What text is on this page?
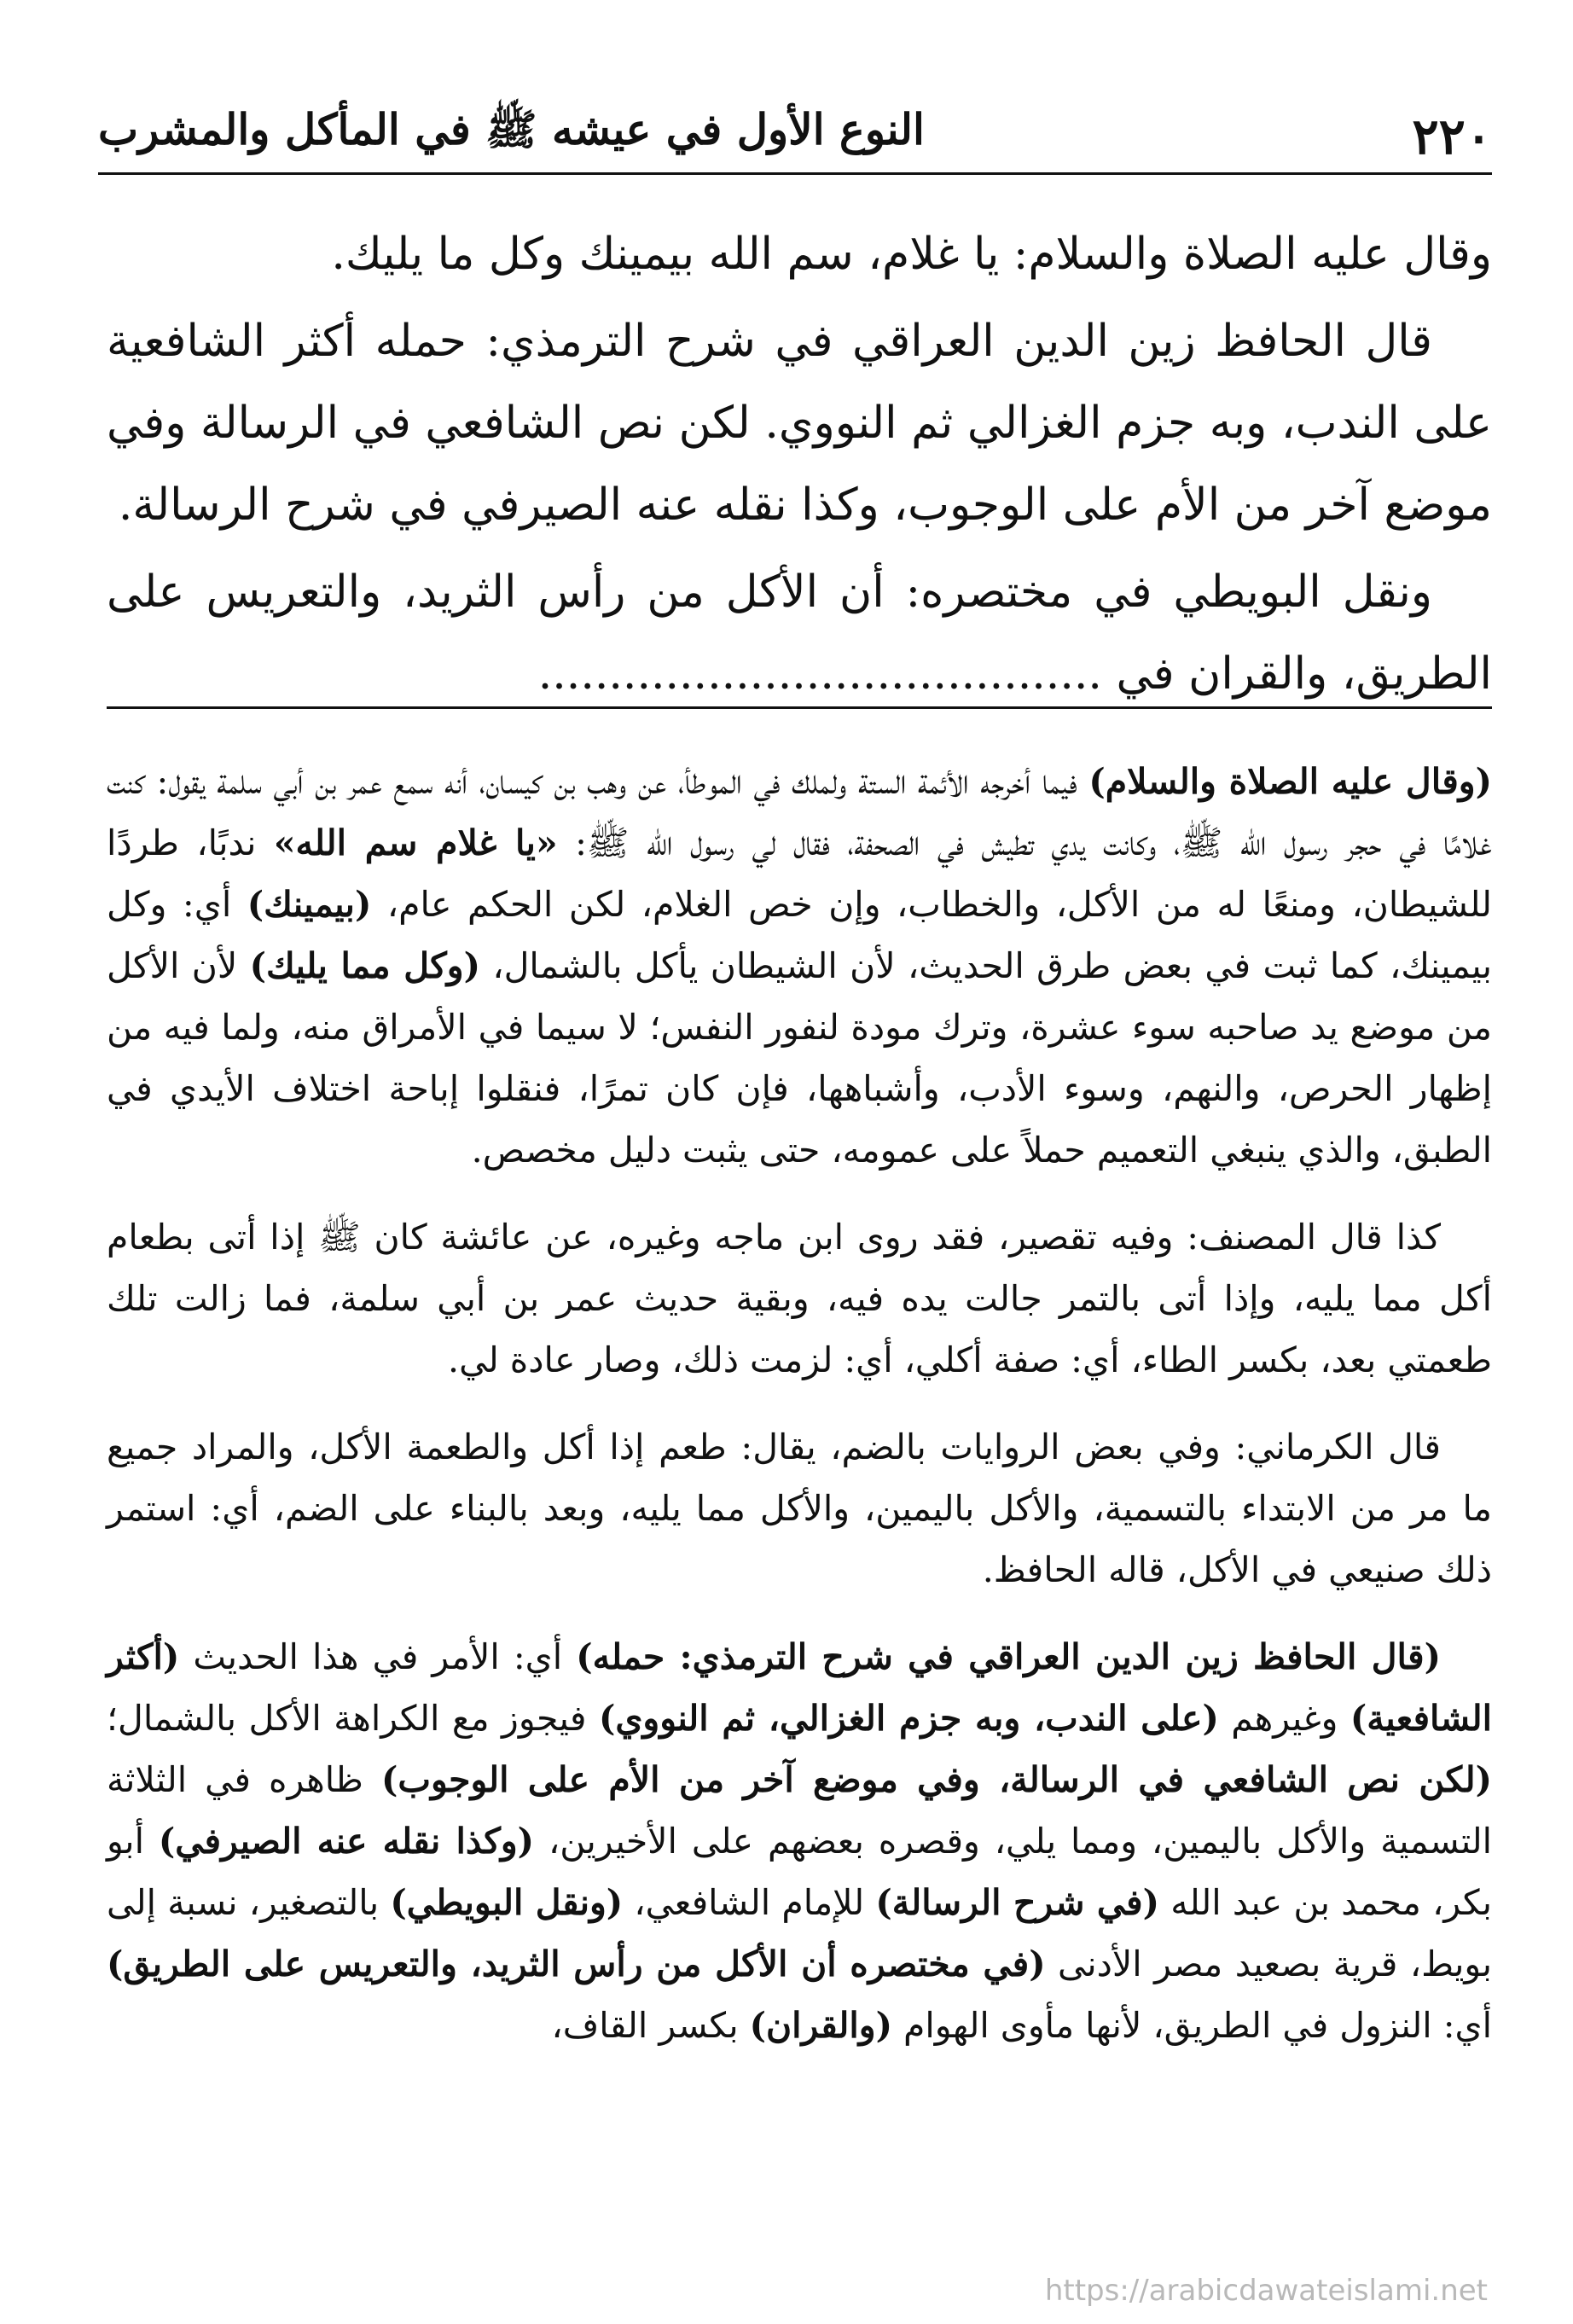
٢٢٠
النوع الأول في عيشه ﷺ في المأكل والمشرب

وقال عليه الصلاة والسلام: يا غلام، سم الله بيمينك وكل ما يليك.

قال الحافظ زين الدين العراقي في شرح الترمذي: حمله أكثر الشافعية على الندب، وبه جزم الغزالي ثم النووي. لكن نص الشافعي في الرسالة وفي موضع آخر من الأم على الوجوب، وكذا نقله عنه الصيرفي في شرح الرسالة.

ونقل البويطي في مختصره: أن الأكل من رأس الثريد، والتعريس على الطريق، والقران في ........................................

(وقال عليه الصلاة والسلام) فيما أخرجه الأئمة الستة ولملك في الموطأ، عن وهب بن كيسان، أنه سمع عمر بن أبي سلمة يقول: كنت غلامًا في حجر رسول الله ﷺ، وكانت يدي تطيش في الصحفة، فقال لي رسول الله ﷺ: «يا غلام سم الله» ندبًا، طردًا للشيطان، ومنعًا له من الأكل، والخطاب، وإن خص الغلام، لكن الحكم عام، (بيمينك) أي: وكل بيمينك، كما ثبت في بعض طرق الحديث، لأن الشيطان يأكل بالشمال، (وكل مما يليك) لأن الأكل من موضع يد صاحبه سوء عشرة، وترك مودة لنفور النفس؛ لا سيما في الأمراق منه، ولما فيه من إظهار الحرص، والنهم، وسوء الأدب، وأشباهها، فإن كان تمرًا، فنقلوا إباحة اختلاف الأيدي في الطبق، والذي ينبغي التعميم حملاً على عمومه، حتى يثبت دليل مخصص.

كذا قال المصنف: وفيه تقصير، فقد روى ابن ماجه وغيره، عن عائشة كان ﷺ إذا أتى بطعام أكل مما يليه، وإذا أتى بالتمر جالت يده فيه، وبقية حديث عمر بن أبي سلمة، فما زالت تلك طعمتي بعد، بكسر الطاء، أي: صفة أكلي، أي: لزمت ذلك، وصار عادة لي.

قال الكرماني: وفي بعض الروايات بالضم، يقال: طعم إذا أكل والطعمة الأكل، والمراد جميع ما مر من الابتداء بالتسمية، والأكل باليمين، والأكل مما يليه، وبعد بالبناء على الضم، أي: استمر ذلك صنيعي في الأكل، قاله الحافظ.

(قال الحافظ زين الدين العراقي في شرح الترمذي: حمله) أي: الأمر في هذا الحديث (أكثر الشافعية) وغيرهم (على الندب، وبه جزم الغزالي، ثم النووي) فيجوز مع الكراهة الأكل بالشمال؛ (لكن نص الشافعي في الرسالة، وفي موضع آخر من الأم على الوجوب) ظاهره في الثلاثة التسمية والأكل باليمين، ومما يلي، وقصره بعضهم على الأخيرين، (وكذا نقله عنه الصيرفي) أبو بكر، محمد بن عبد الله (في شرح الرسالة) للإمام الشافعي، (ونقل البويطي) بالتصغير، نسبة إلى بويط، قرية بصعيد مصر الأدنى (في مختصره أن الأكل من رأس الثريد، والتعريس على الطريق) أي: النزول في الطريق، لأنها مأوى الهوام (والقران) بكسر القاف،

https://arabicdawateislami.net
